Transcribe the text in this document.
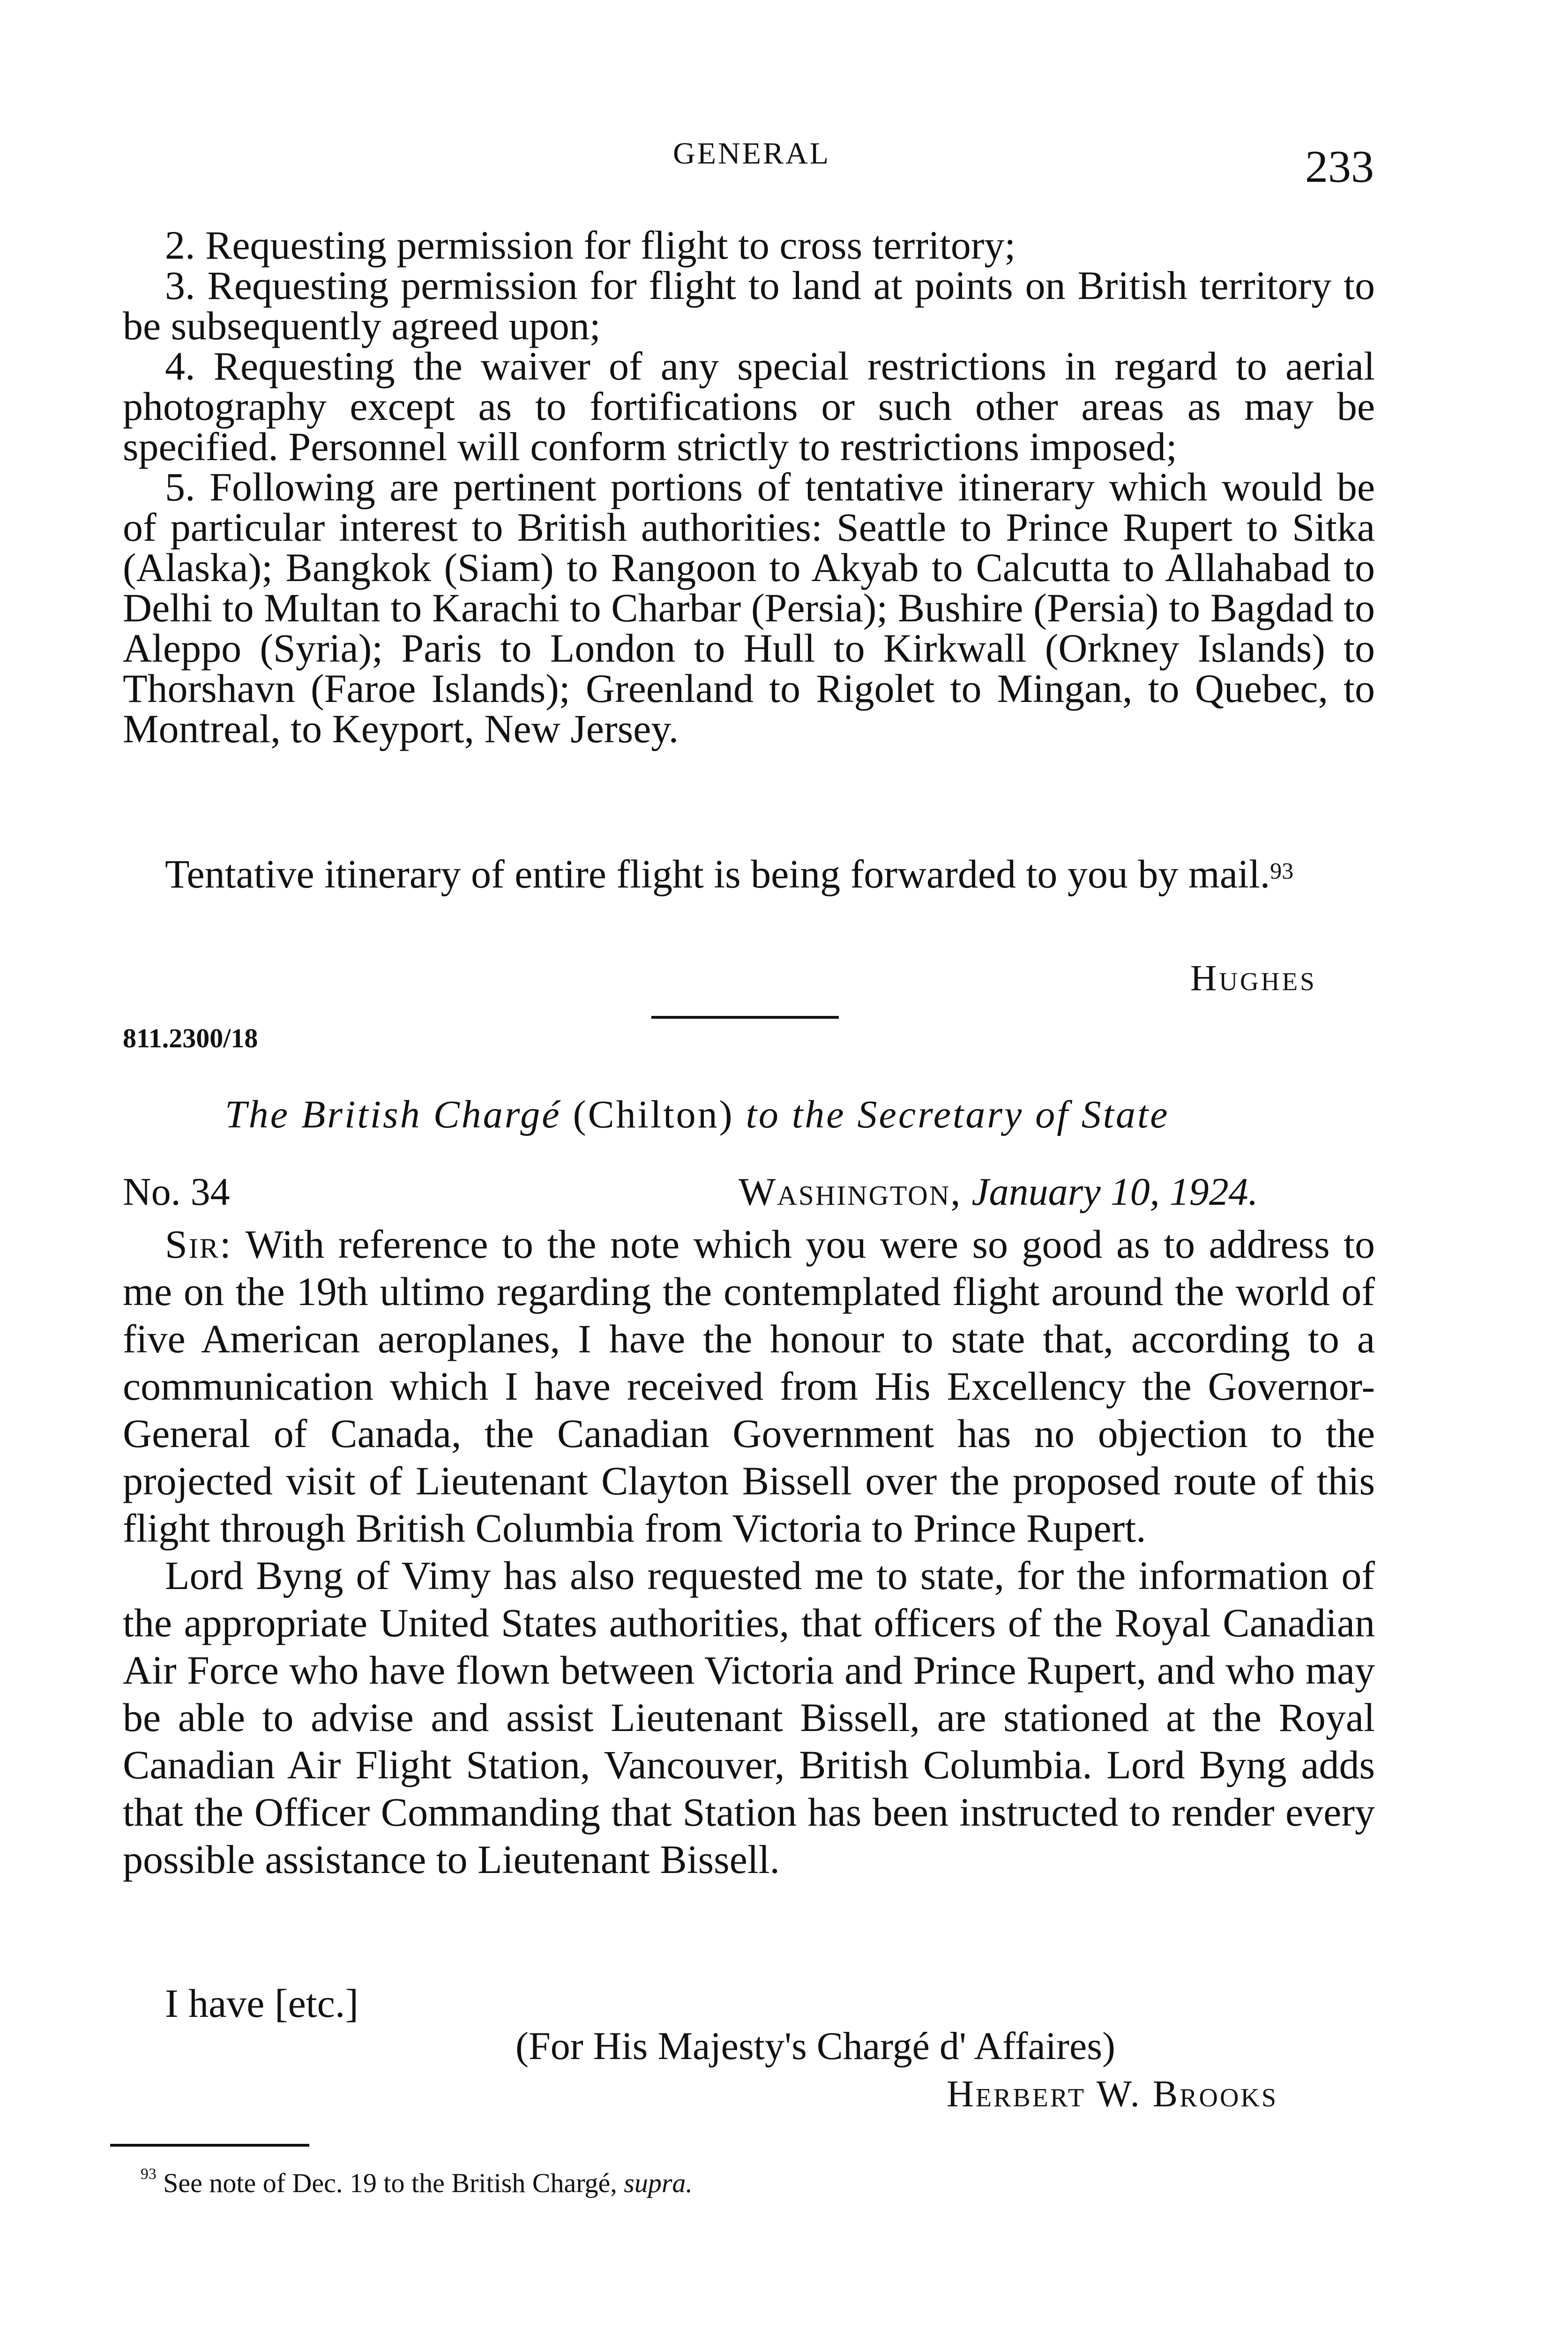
GENERAL	233

2. Requesting permission for flight to cross territory;

3. Requesting permission for flight to land at points on British territory to be subsequently agreed upon;

4. Requesting the waiver of any special restrictions in regard to aerial photography except as to fortifications or such other areas as may be specified. Personnel will conform strictly to restrictions imposed;

5. Following are pertinent portions of tentative itinerary which would be of particular interest to British authorities: Seattle to Prince Rupert to Sitka (Alaska); Bangkok (Siam) to Rangoon to Akyab to Calcutta to Allahabad to Delhi to Multan to Karachi to Charbar (Persia); Bushire (Persia) to Bagdad to Aleppo (Syria); Paris to London to Hull to Kirkwall (Orkney Islands) to Thorshavn (Faroe Islands); Greenland to Rigolet to Mingan, to Quebec, to Montreal, to Keyport, New Jersey.

Tentative itinerary of entire flight is being forwarded to you by mail.$^{93}$

Hughes
811.2300/18
The British Chargé (Chilton) to the Secretary of State
No. 34	Washington, January 10, 1924.

Sir: With reference to the note which you were so good as to address to me on the 19th ultimo regarding the contemplated flight around the world of five American aeroplanes, I have the honour to state that, according to a communication which I have received from His Excellency the Governor-General of Canada, the Canadian Government has no objection to the projected visit of Lieutenant Clayton Bissell over the proposed route of this flight through British Columbia from Victoria to Prince Rupert.

Lord Byng of Vimy has also requested me to state, for the information of the appropriate United States authorities, that officers of the Royal Canadian Air Force who have flown between Victoria and Prince Rupert, and who may be able to advise and assist Lieutenant Bissell, are stationed at the Royal Canadian Air Flight Station, Vancouver, British Columbia. Lord Byng adds that the Officer Commanding that Station has been instructed to render every possible assistance to Lieutenant Bissell.

I have [etc.]
(For His Majesty's Chargé d' Affaires)
Herbert W. Brooks
$^{93}$ See note of Dec. 19 to the British Chargé, supra.
